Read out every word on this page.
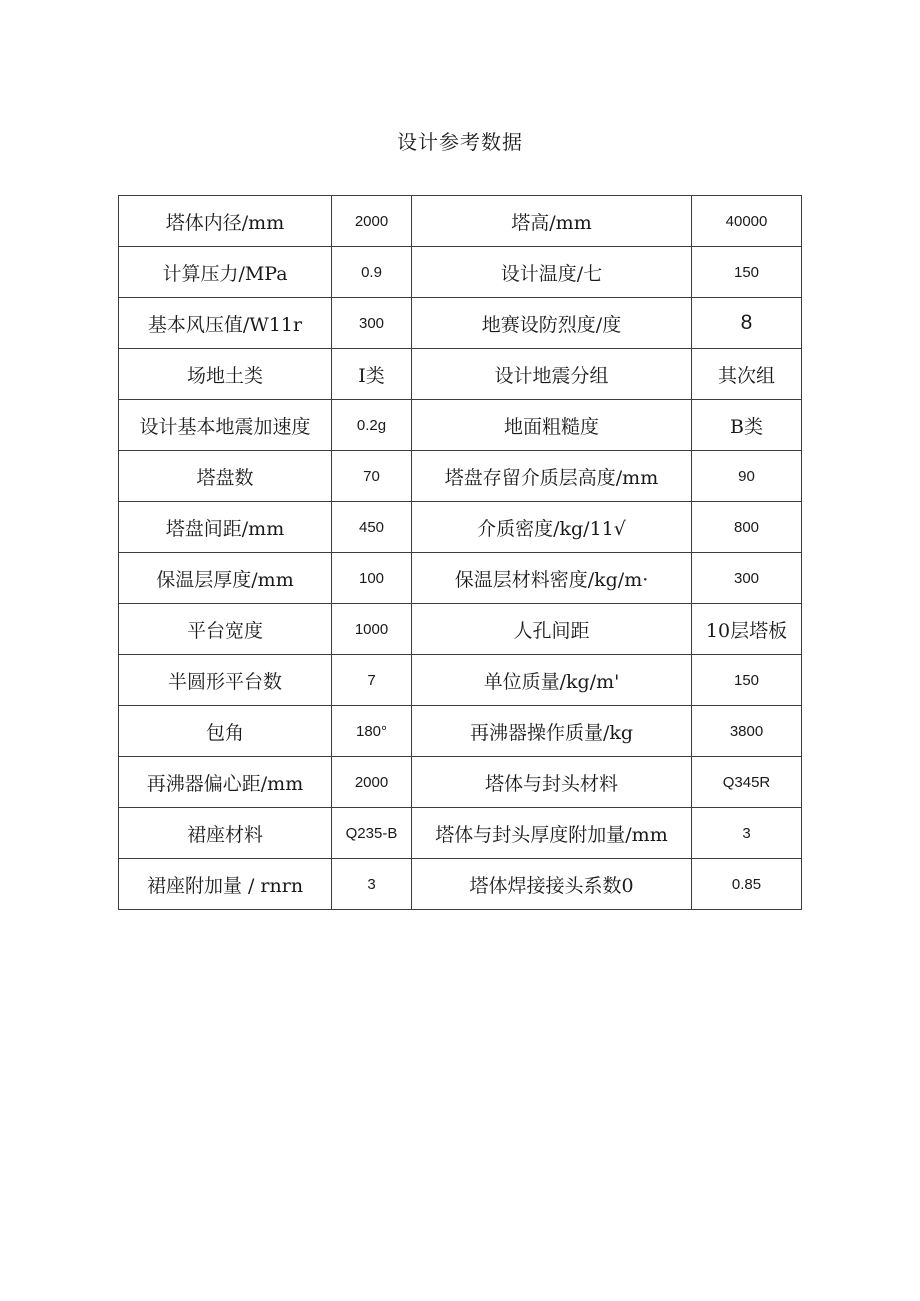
设计参考数据
塔体内径/mm	2000	塔高/mm	40000
计算压力/MPa	0.9	设计温度/七	150
基本风压值/W11r	300	地赛设防烈度/度	8
场地土类	I类	设计地震分组	其次组
设计基本地震加速度	0.2g	地面粗糙度	B类
塔盘数	70	塔盘存留介质层高度/mm	90
塔盘间距/mm	450	介质密度/kg/11√	800
保温层厚度/mm	100	保温层材料密度/kg/m·	300
平台宽度	1000	人孔间距	10层塔板
半圆形平台数	7	单位质量/kg/m'	150
包角	180°	再沸器操作质量/kg	3800
再沸器偏心距/mm	2000	塔体与封头材料	Q345R
裙座材料	Q235-B	塔体与封头厚度附加量/mm	3
裙座附加量 / rnrn	3	塔体焊接接头系数0	0.85
